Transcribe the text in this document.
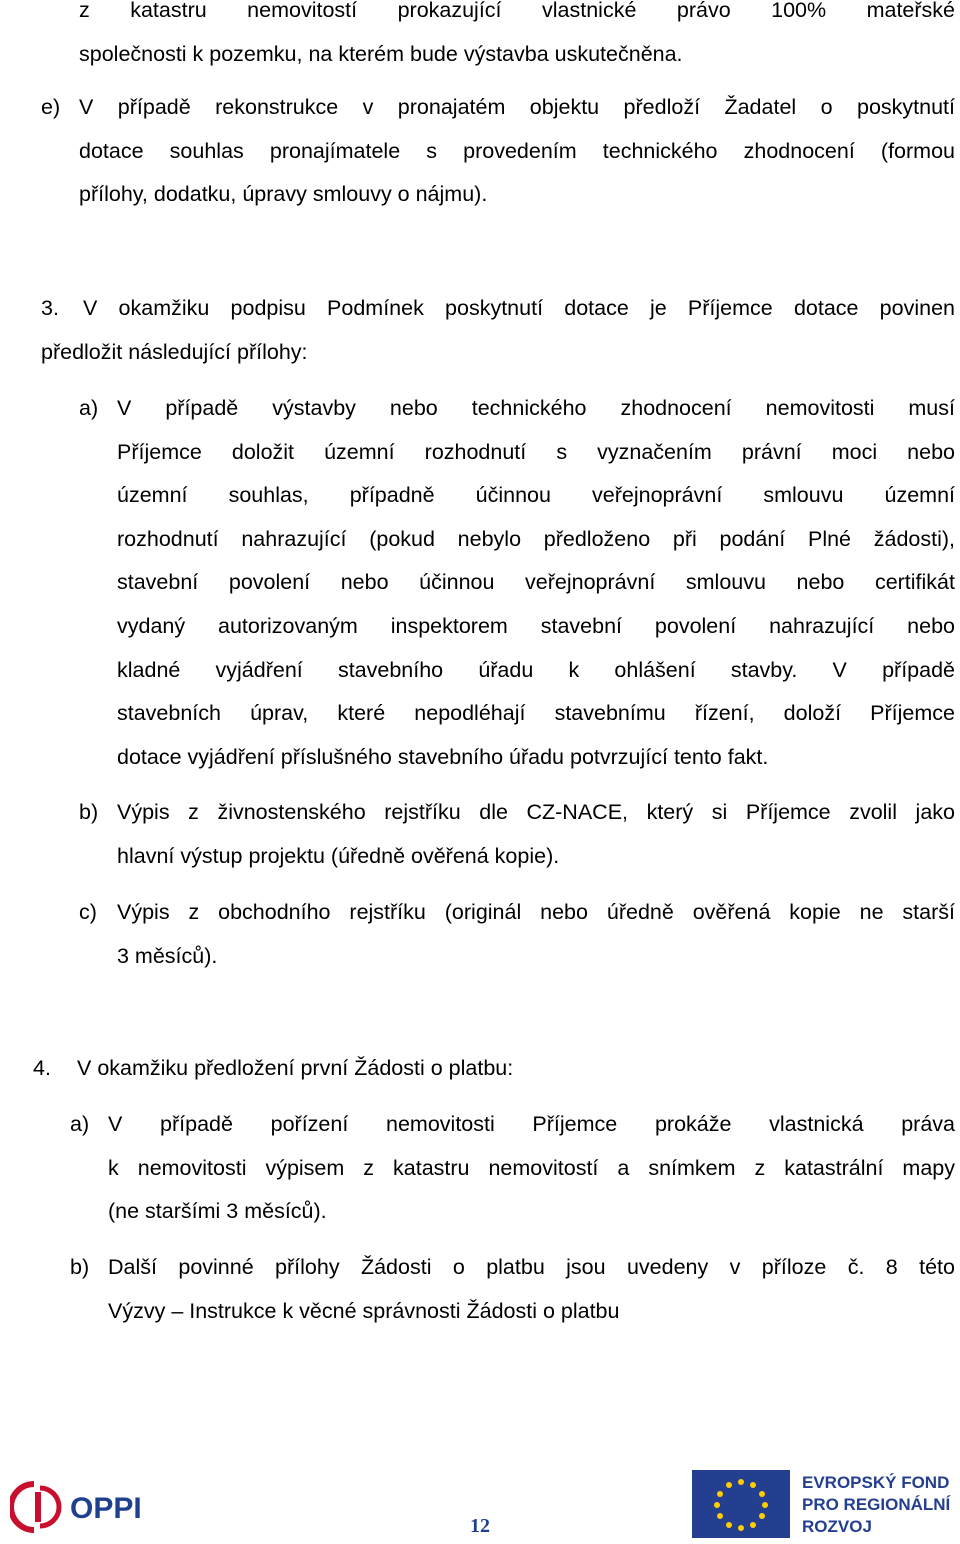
z katastru nemovitostí prokazující vlastnické právo 100% mateřské
společnosti k pozemku, na kterém bude výstavba uskutečněna.
e) V případě rekonstrukce v pronajatém objektu předloží Žadatel o poskytnutí
dotace souhlas pronajímatele s provedením technického zhodnocení (formou
přílohy, dodatku, úpravy smlouvy o nájmu).
3.	V okamžiku podpisu Podmínek poskytnutí dotace je Příjemce dotace povinen
předložit následující přílohy:
a) V případě výstavby nebo technického zhodnocení nemovitosti musí
Příjemce doložit územní rozhodnutí s vyznačením právní moci nebo
územní souhlas, případně účinnou veřejnoprávní smlouvu územní
rozhodnutí nahrazující (pokud nebylo předloženo při podání Plné žádosti),
stavební povolení nebo účinnou veřejnoprávní smlouvu nebo certifikát
vydaný autorizovaným inspektorem stavební povolení nahrazující nebo
kladné vyjádření stavebního úřadu k ohlášení stavby. V případě
stavebních úprav, které nepodléhají stavebnímu řízení, doloží Příjemce
dotace vyjádření příslušného stavebního úřadu potvrzující tento fakt.
b) Výpis z živnostenského rejstříku dle CZ-NACE, který si Příjemce zvolil jako
hlavní výstup projektu (úředně ověřená kopie).
c) Výpis z obchodního rejstříku (originál nebo úředně ověřená kopie ne starší
3 měsíců).
4. V okamžiku předložení první Žádosti o platbu:
a) V případě pořízení nemovitosti Příjemce prokáže vlastnická práva
k nemovitosti výpisem z katastru nemovitostí a snímkem z katastrální mapy
(ne staršími 3 měsíců).
b) Další povinné přílohy Žádosti o platbu jsou uvedeny v příloze č. 8 této
Výzvy – Instrukce k věcné správnosti Žádosti o platbu
OPPI
12
EVROPSKÝ FOND
PRO REGIONÁLNÍ
ROZVOJ
